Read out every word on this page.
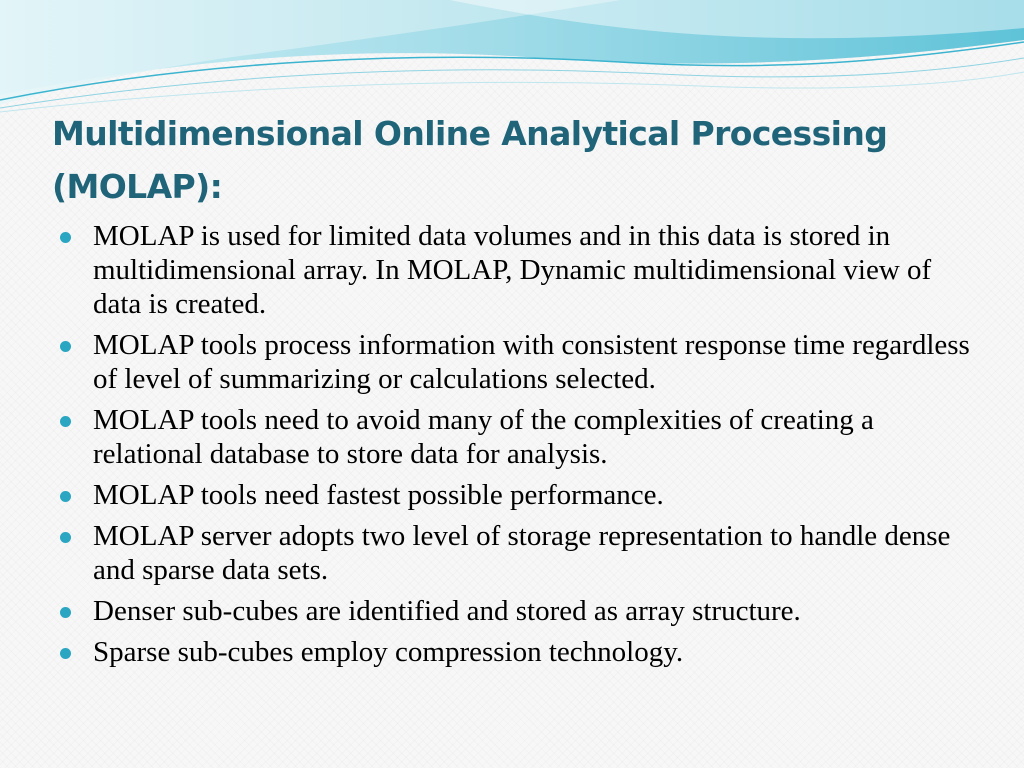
Multidimensional Online Analytical Processing (MOLAP):
MOLAP is used for limited data volumes and in this data is stored in multidimensional array. In MOLAP, Dynamic multidimensional view of data is created.
MOLAP tools process information with consistent response time regardless of level of summarizing or calculations selected.
MOLAP tools need to avoid many of the complexities of creating a relational database to store data for analysis.
MOLAP tools need fastest possible performance.
MOLAP server adopts two level of storage representation to handle dense and sparse data sets.
Denser sub-cubes are identified and stored as array structure.
Sparse sub-cubes employ compression technology.
